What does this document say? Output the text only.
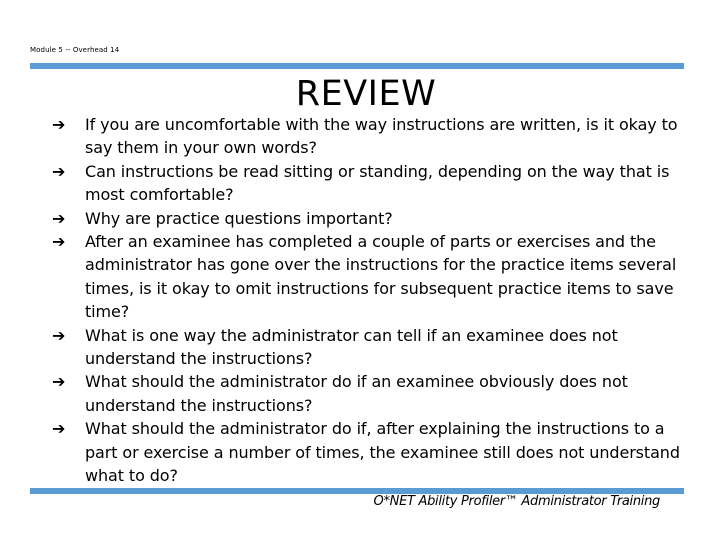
Module 5 -- Overhead 14
REVIEW
➔ If you are uncomfortable with the way instructions are written, is it okay to say them in your own words?
➔ Can instructions be read sitting or standing, depending on the way that is most comfortable?
➔ Why are practice questions important?
➔ After an examinee has completed a couple of parts or exercises and the administrator has gone over the instructions for the practice items several times, is it okay to omit instructions for subsequent practice items to save time?
➔ What is one way the administrator can tell if an examinee does not understand the instructions?
➔ What should the administrator do if an examinee obviously does not understand the instructions?
➔ What should the administrator do if, after explaining the instructions to a part or exercise a number of times, the examinee still does not understand what to do?
O*NET Ability Profiler™ Administrator Training
